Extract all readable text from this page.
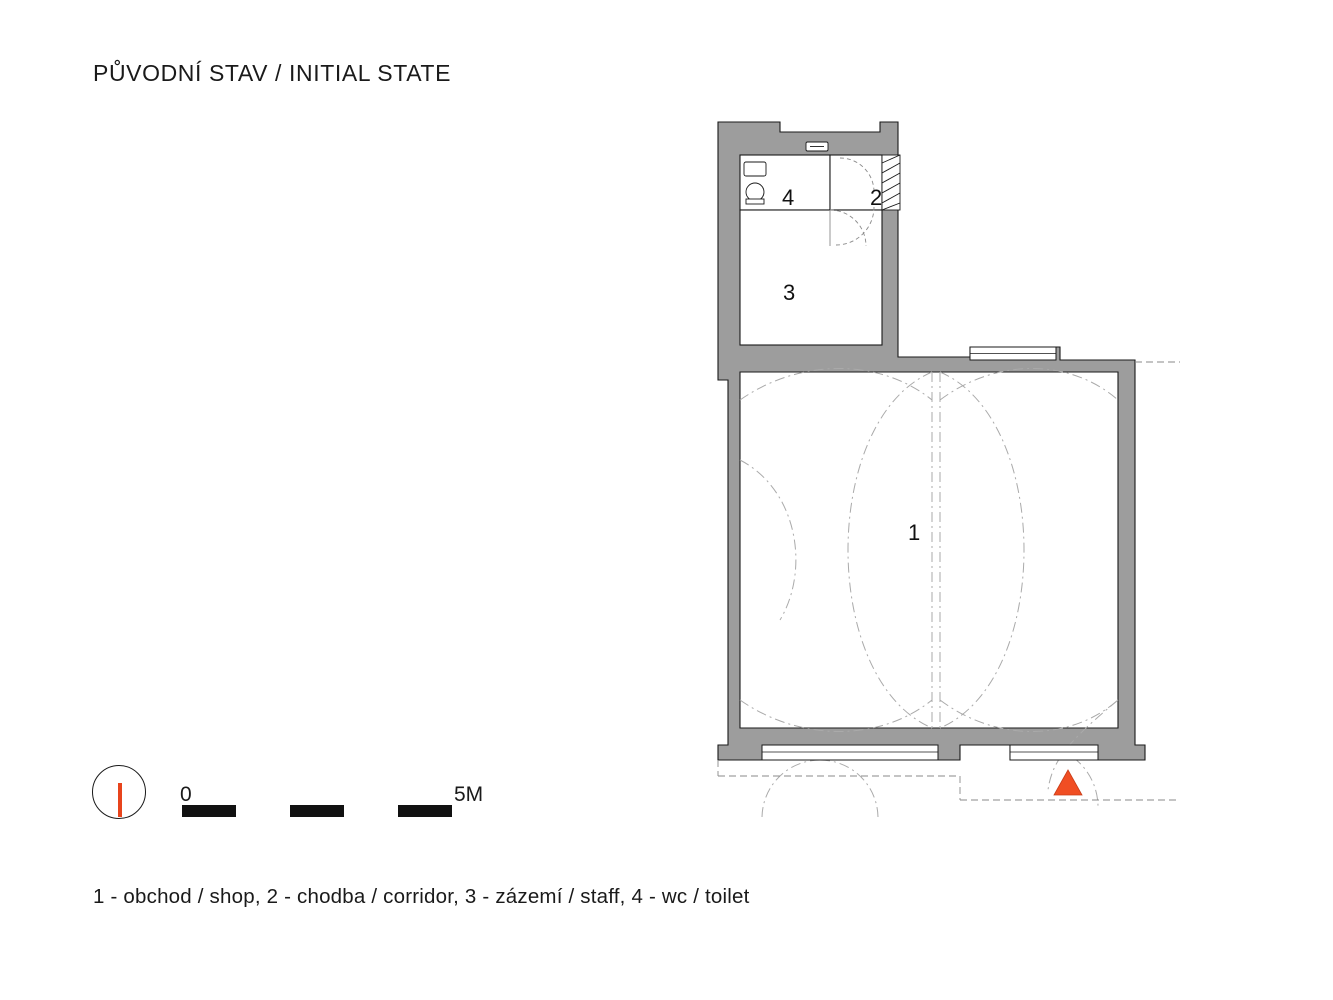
PŮVODNÍ STAV / INITIAL STATE
1
2
3
4
0	5M
1 - obchod / shop, 2 - chodba / corridor, 3 - zázemí / staff, 4 - wc / toilet
